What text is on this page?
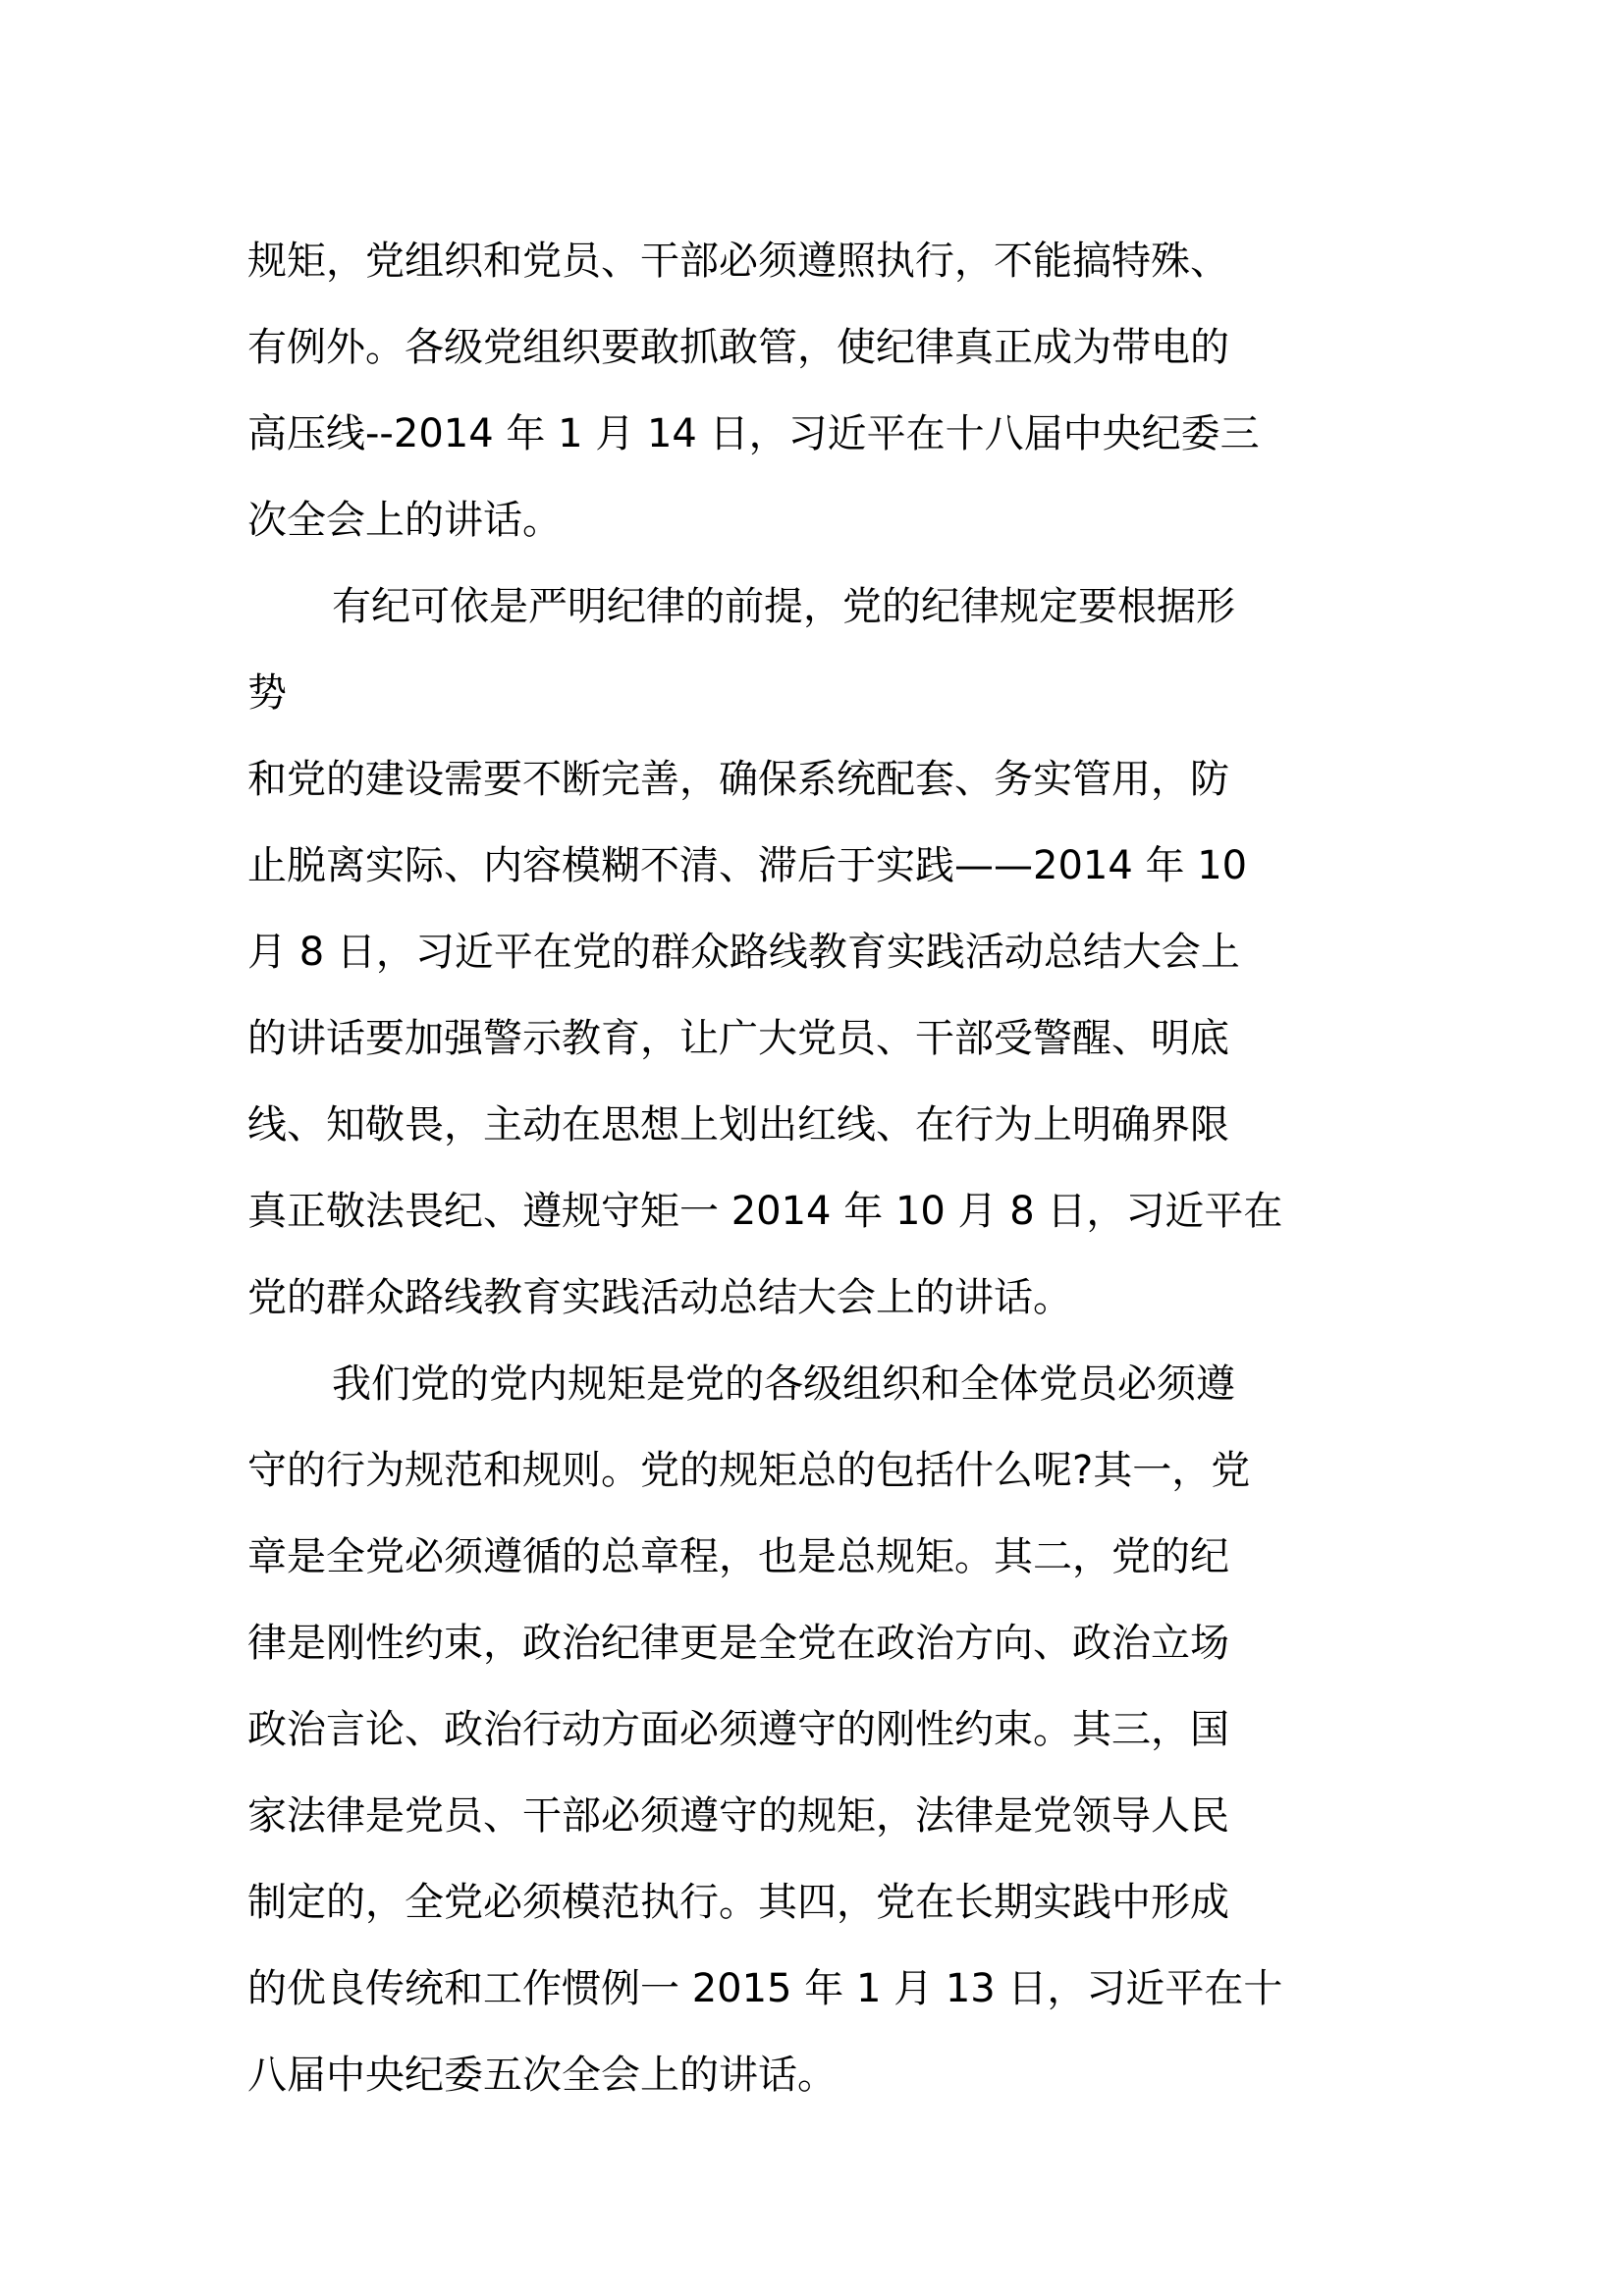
规矩，党组织和党员、干部必须遵照执行，不能搞特殊、
有例外。各级党组织要敢抓敢管，使纪律真正成为带电的
高压线--2014 年 1 月 14 日，习近平在十八届中央纪委三
次全会上的讲话。
有纪可依是严明纪律的前提，党的纪律规定要根据形
势
和党的建设需要不断完善，确保系统配套、务实管用，防
止脱离实际、内容模糊不清、滞后于实践——2014 年 10
月 8 日，习近平在党的群众路线教育实践活动总结大会上
的讲话要加强警示教育，让广大党员、干部受警醒、明底
线、知敬畏，主动在思想上划出红线、在行为上明确界限
真正敬法畏纪、遵规守矩一 2014 年 10 月 8 日，习近平在
党的群众路线教育实践活动总结大会上的讲话。
我们党的党内规矩是党的各级组织和全体党员必须遵
守的行为规范和规则。党的规矩总的包括什么呢?其一，党
章是全党必须遵循的总章程，也是总规矩。其二，党的纪
律是刚性约束，政治纪律更是全党在政治方向、政治立场
政治言论、政治行动方面必须遵守的刚性约束。其三，国
家法律是党员、干部必须遵守的规矩，法律是党领导人民
制定的，全党必须模范执行。其四，党在长期实践中形成
的优良传统和工作惯例一 2015 年 1 月 13 日，习近平在十
八届中央纪委五次全会上的讲话。
